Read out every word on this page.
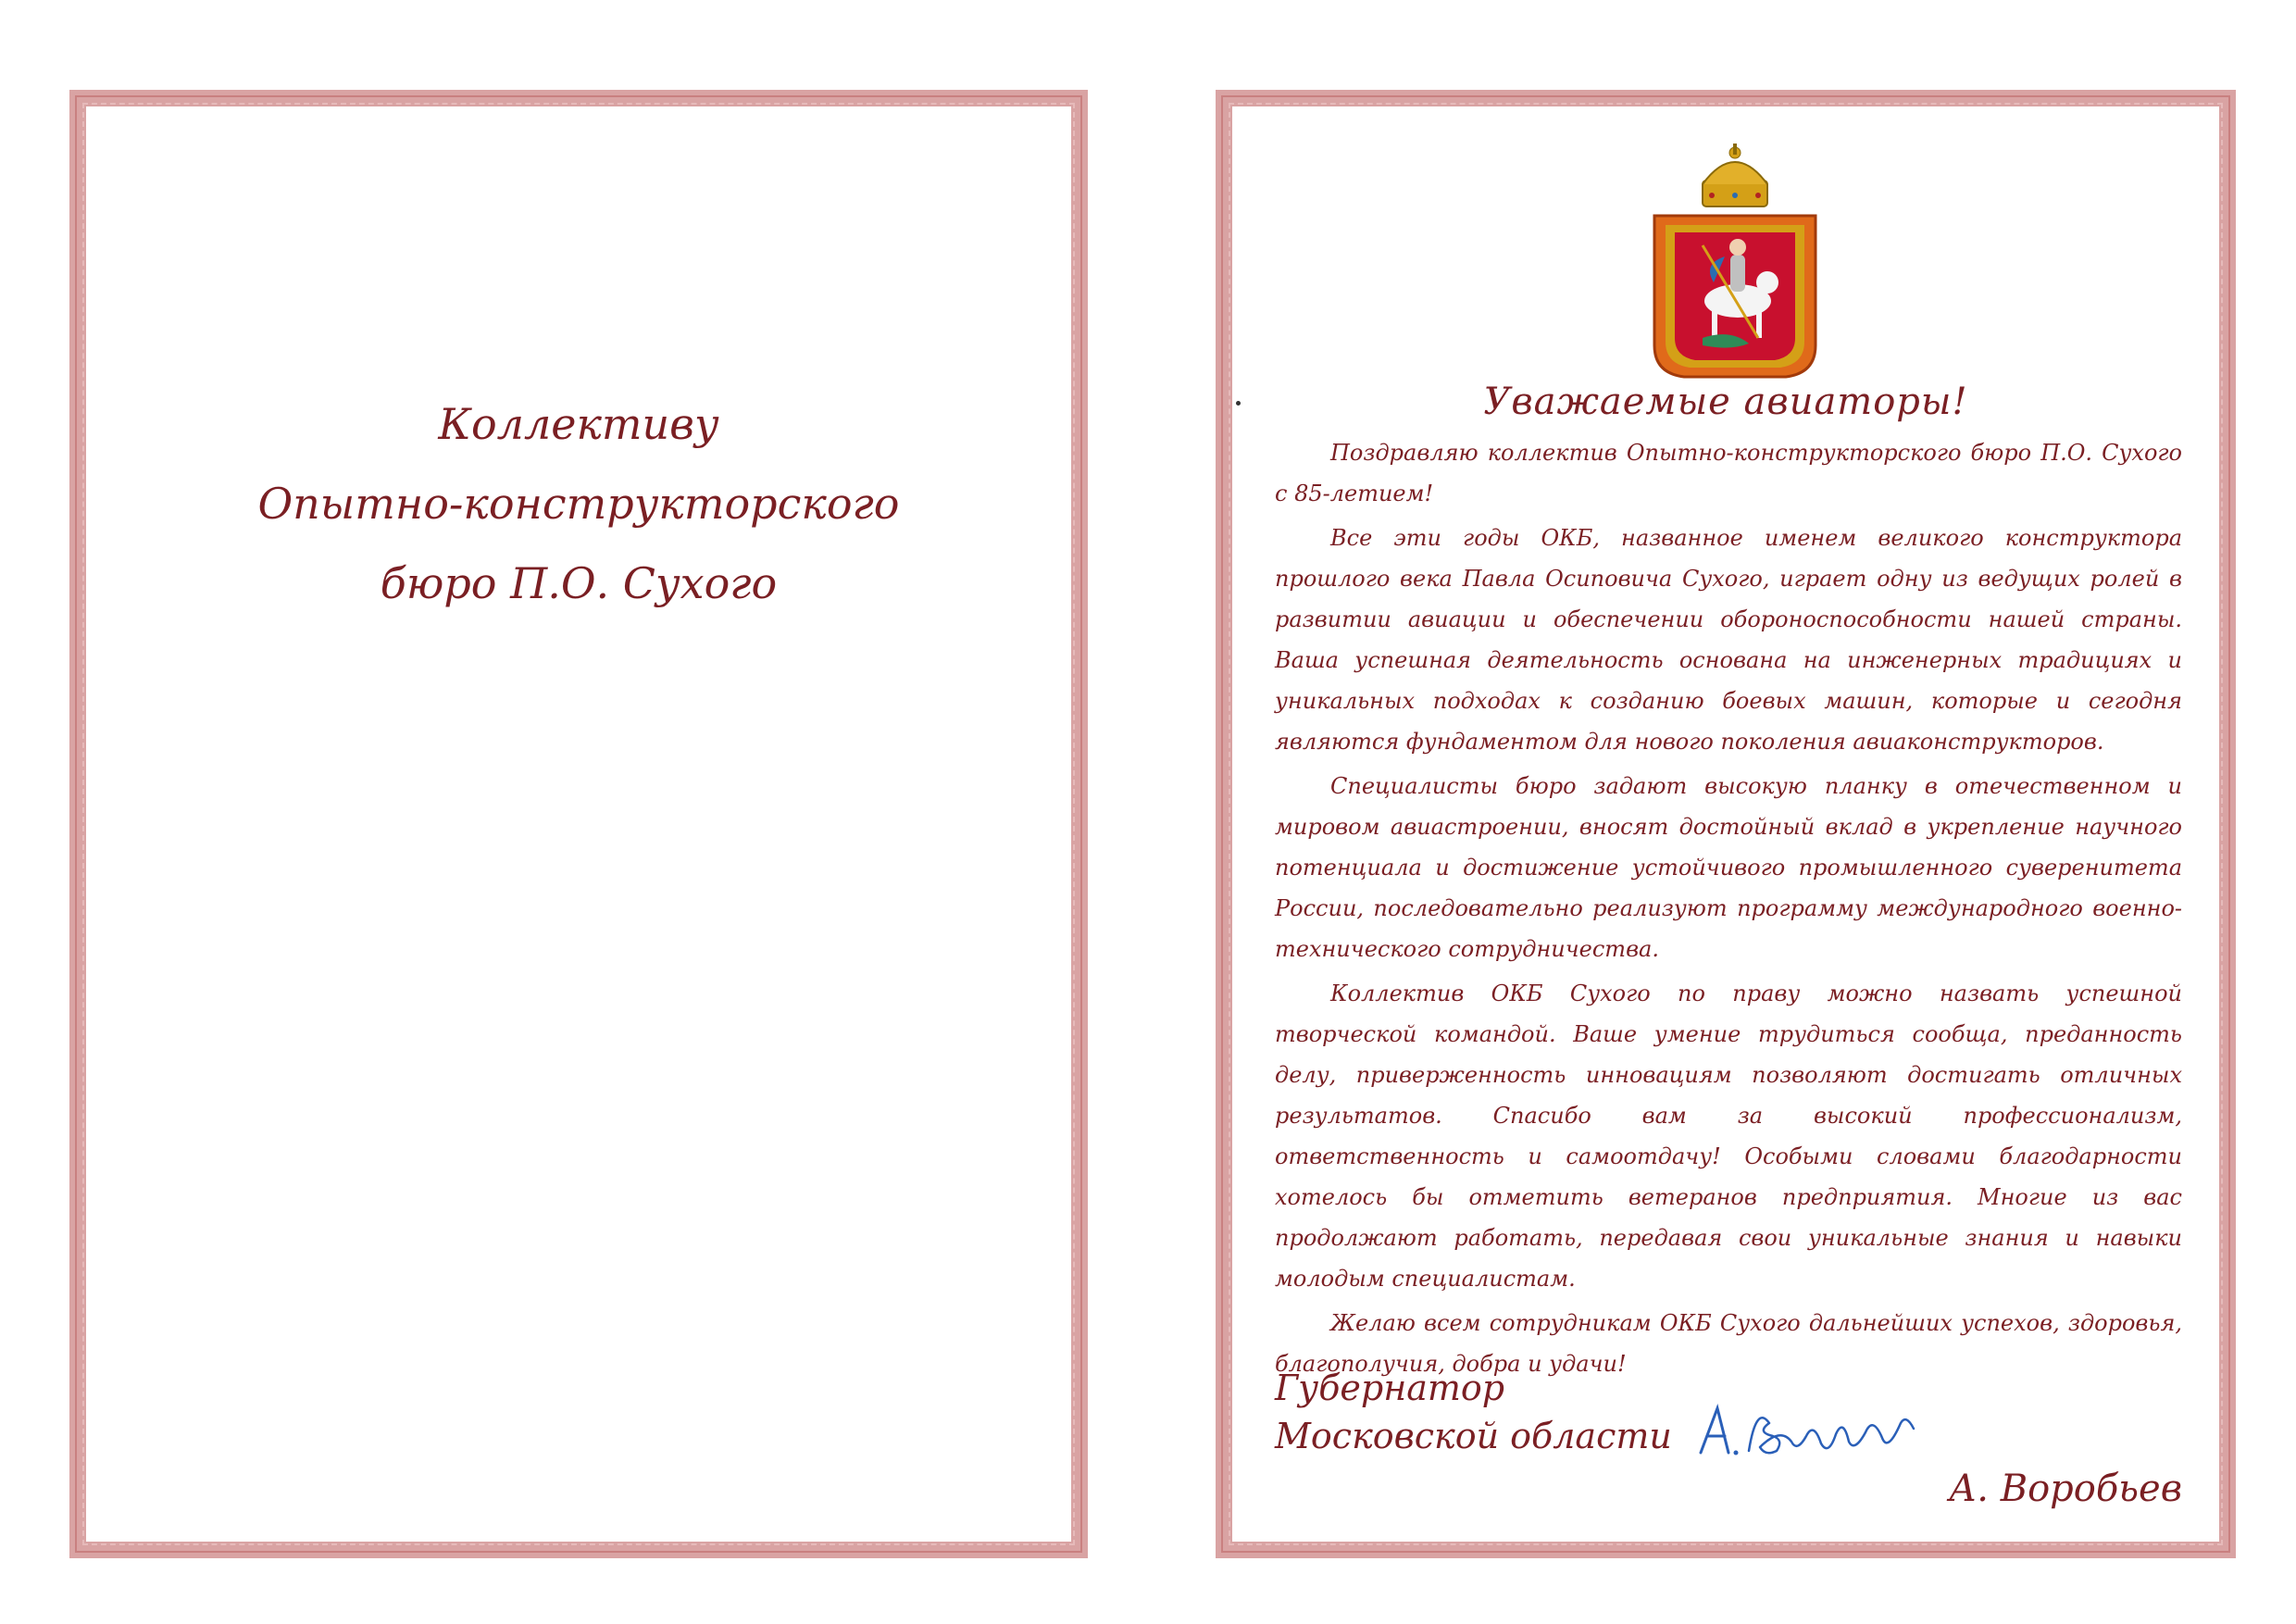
Коллективу
Опытно-конструкторского
бюро П.О. Сухого
Уважаемые авиаторы!

Поздравляю коллектив Опытно-конструкторского бюро П.О. Сухого с 85-летием!

Все эти годы ОКБ, названное именем великого конструктора прошлого века Павла Осиповича Сухого, играет одну из ведущих ролей в развитии авиации и обеспечении обороноспособности нашей страны. Ваша успешная деятельность основана на инженерных традициях и уникальных подходах к созданию боевых машин, которые и сегодня являются фундаментом для нового поколения авиаконструкторов.

Специалисты бюро задают высокую планку в отечественном и мировом авиастроении, вносят достойный вклад в укрепление научного потенциала и достижение устойчивого промышленного суверенитета России, последовательно реализуют программу международного военно-технического сотрудничества.

Коллектив ОКБ Сухого по праву можно назвать успешной творческой командой. Ваше умение трудиться сообща, преданность делу, приверженность инновациям позволяют достигать отличных результатов. Спасибо вам за высокий профессионализм, ответственность и самоотдачу! Особыми словами благодарности хотелось бы отметить ветеранов предприятия. Многие из вас продолжают работать, передавая свои уникальные знания и навыки молодым специалистам.

Желаю всем сотрудникам ОКБ Сухого дальнейших успехов, здоровья, благополучия, добра и удачи!

Губернатор
Московской области
А. Воробьев
